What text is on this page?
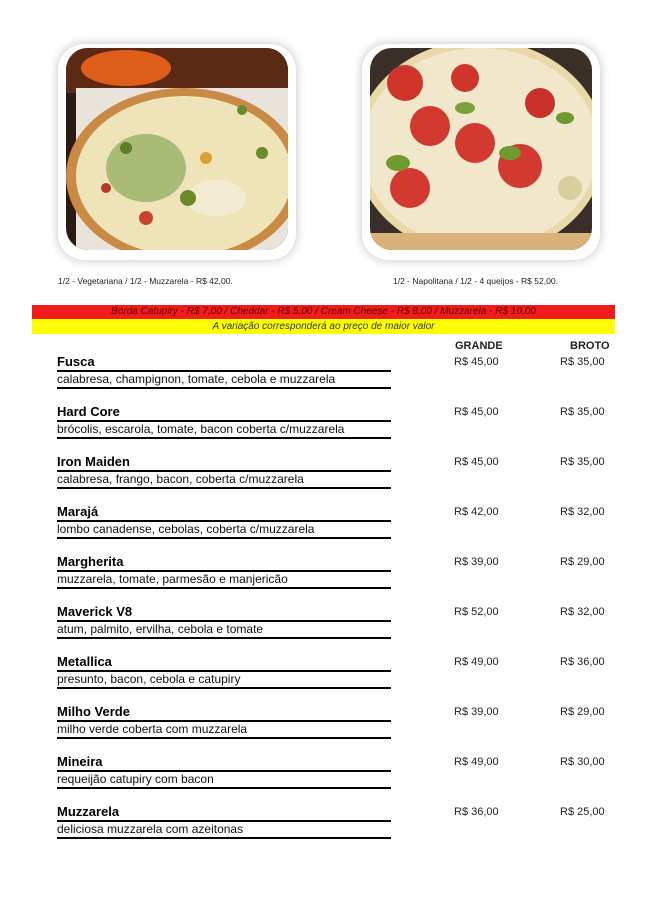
1/2 - Vegetariana / 1/2 - Muzzarela - R$ 42,00.	1/2 - Napolitana / 1/2 - 4 queijos - R$ 52,00.
Borda Catupiry - R$ 7,00 / Cheddar - R$ 5,00 / Cream Cheese - R$ 8,00 / Muzzarela - R$ 10,00
A variação corresponderá ao preço de maior valor
GRANDE	BROTO
Fusca
calabresa, champignon, tomate, cebola e muzzarela
R$ 45,00	R$ 35,00
Hard Core
brócolis, escarola, tomate, bacon coberta c/muzzarela
R$ 45,00	R$ 35,00
Iron Maiden
calabresa, frango, bacon, coberta c/muzzarela
R$ 45,00	R$ 35,00
Marajá
lombo canadense, cebolas, coberta c/muzzarela
R$ 42,00	R$ 32,00
Margherita
muzzarela, tomate, parmesão e manjericão
R$ 39,00	R$ 29,00
Maverick V8
atum, palmito, ervilha, cebola e tomate
R$ 52,00	R$ 32,00
Metallica
presunto, bacon, cebola e catupiry
R$ 49,00	R$ 36,00
Milho Verde
milho verde coberta com muzzarela
R$ 39,00	R$ 29,00
Mineira
requeijão catupiry com bacon
R$ 49,00	R$ 30,00
Muzzarela
deliciosa muzzarela com azeitonas
R$ 36,00	R$ 25,00
